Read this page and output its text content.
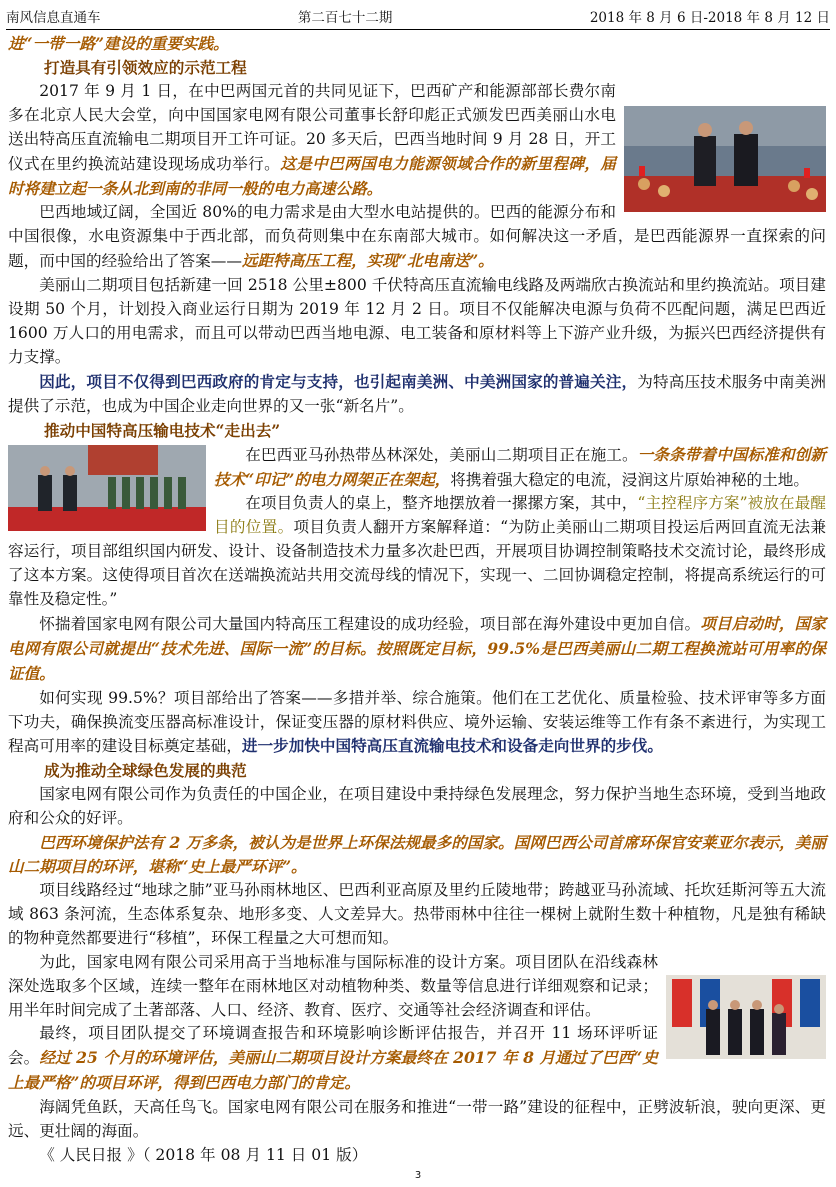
南风信息直通车	第二百七十二期	2018 年 8 月 6 日-2018 年 8 月 12 日

进“一带一路”建设的重要实践。

打造具有引领效应的示范工程

2017 年 9 月 1 日，在中巴两国元首的共同见证下，巴西矿产和能源部部长费尔南多在北京人民大会堂，向中国国家电网有限公司董事长舒印彪正式颁发巴西美丽山水电送出特高压直流输电二期项目开工许可证。20 多天后，巴西当地时间 9 月 28 日，开工仪式在里约换流站建设现场成功举行。这是中巴两国电力能源领域合作的新里程碑，届时将建立起一条从北到南的非同一般的电力高速公路。

巴西地域辽阔，全国近 80%的电力需求是由大型水电站提供的。巴西的能源分布和中国很像，水电资源集中于西北部，而负荷则集中在东南部大城市。如何解决这一矛盾，是巴西能源界一直探索的问题，而中国的经验给出了答案——远距特高压工程，实现“北电南送”。

美丽山二期项目包括新建一回 2518 公里±800 千伏特高压直流输电线路及两端欣古换流站和里约换流站。项目建设期 50 个月，计划投入商业运行日期为 2019 年 12 月 2 日。项目不仅能解决电源与负荷不匹配问题，满足巴西近 1600 万人口的用电需求，而且可以带动巴西当地电源、电工装备和原材料等上下游产业升级，为振兴巴西经济提供有力支撑。

因此，项目不仅得到巴西政府的肯定与支持，也引起南美洲、中美洲国家的普遍关注，为特高压技术服务中南美洲提供了示范，也成为中国企业走向世界的又一张“新名片”。

推动中国特高压输电技术“走出去”

在巴西亚马孙热带丛林深处，美丽山二期项目正在施工。一条条带着中国标准和创新技术“印记”的电力网架正在架起，将携着强大稳定的电流，浸润这片原始神秘的土地。

在项目负责人的桌上，整齐地摆放着一摞摞方案，其中，“主控程序方案”被放在最醒目的位置。项目负责人翻开方案解释道：“为防止美丽山二期项目投运后两回直流无法兼容运行，项目部组织国内研发、设计、设备制造技术力量多次赴巴西，开展项目协调控制策略技术交流讨论，最终形成了这本方案。这使得项目首次在送端换流站共用交流母线的情况下，实现一、二回协调稳定控制，将提高系统运行的可靠性及稳定性。”

怀揣着国家电网有限公司大量国内特高压工程建设的成功经验，项目部在海外建设中更加自信。项目启动时，国家电网有限公司就提出“技术先进、国际一流”的目标。按照既定目标，99.5%是巴西美丽山二期工程换流站可用率的保证值。

如何实现 99.5%？项目部给出了答案——多措并举、综合施策。他们在工艺优化、质量检验、技术评审等多方面下功夫，确保换流变压器高标准设计，保证变压器的原材料供应、境外运输、安装运维等工作有条不紊进行，为实现工程高可用率的建设目标奠定基础，进一步加快中国特高压直流输电技术和设备走向世界的步伐。

成为推动全球绿色发展的典范

国家电网有限公司作为负责任的中国企业，在项目建设中秉持绿色发展理念，努力保护当地生态环境，受到当地政府和公众的好评。

巴西环境保护法有 2 万多条，被认为是世界上环保法规最多的国家。国网巴西公司首席环保官安莱亚尔表示，美丽山二期项目的环评，堪称“史上最严环评”。

项目线路经过“地球之肺”亚马孙雨林地区、巴西利亚高原及里约丘陵地带；跨越亚马孙流域、托坎廷斯河等五大流域 863 条河流，生态体系复杂、地形多变、人文差异大。热带雨林中往往一棵树上就附生数十种植物，凡是独有稀缺的物种竟然都要进行“移植”，环保工程量之大可想而知。

为此，国家电网有限公司采用高于当地标准与国际标准的设计方案。项目团队在沿线森林深处选取多个区域，连续一整年在雨林地区对动植物种类、数量等信息进行详细观察和记录；用半年时间完成了土著部落、人口、经济、教育、医疗、交通等社会经济调查和评估。

最终，项目团队提交了环境调查报告和环境影响诊断评估报告，并召开 11 场环评听证会。经过 25 个月的环境评估，美丽山二期项目设计方案最终在 2017 年 8 月通过了巴西“史上最严格”的项目环评，得到巴西电力部门的肯定。

海阔凭鱼跃，天高任鸟飞。国家电网有限公司在服务和推进“一带一路”建设的征程中，正劈波斩浪，驶向更深、更远、更壮阔的海面。

《 人民日报 》（ 2018 年 08 月 11 日 01 版）

3
